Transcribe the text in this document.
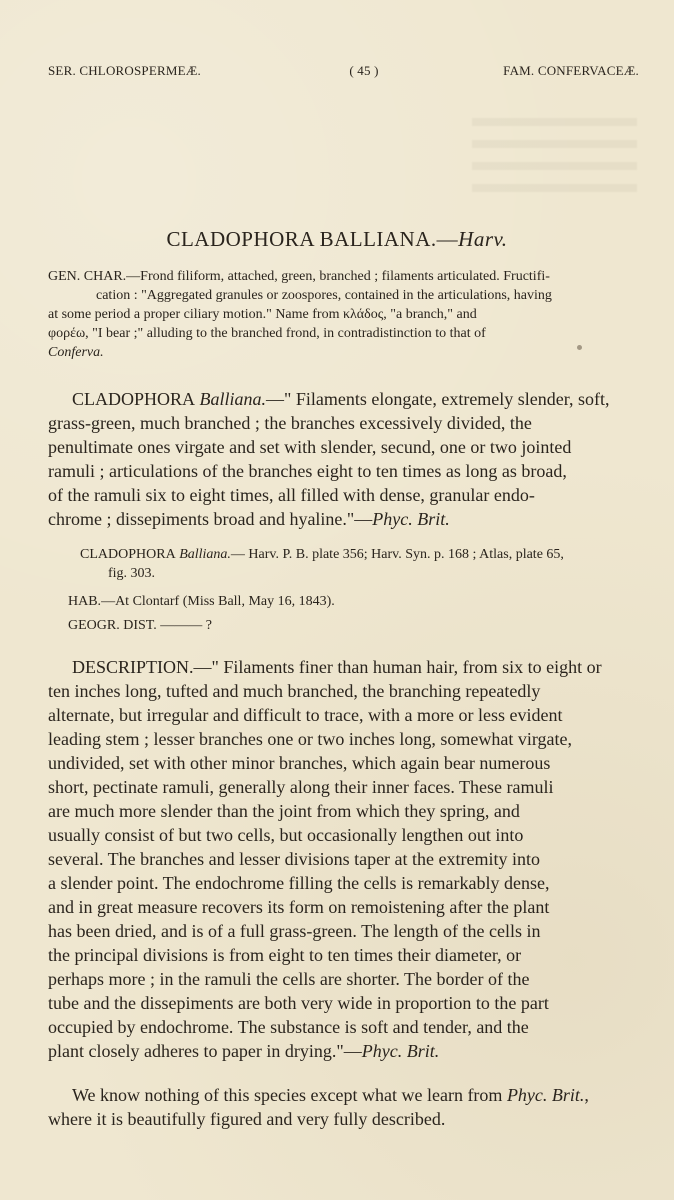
SER. CHLOROSPERMEÆ.	( 45 )	FAM. CONFERVACEÆ.
CLADOPHORA BALLIANA.—Harv.
GEN. CHAR.—Frond filiform, attached, green, branched ; filaments articulated. Fructifi-
cation : "Aggregated granules or zoospores, contained in the articulations, having
at some period a proper ciliary motion." Name from κλάδος, "a branch," and
φορέω, "I bear ;" alluding to the branched frond, in contradistinction to that of
Conferva.

CLADOPHORA Balliana.—" Filaments elongate, extremely slender, soft,

grass-green, much branched ; the branches excessively divided, the
penultimate ones virgate and set with slender, secund, one or two jointed
ramuli ; articulations of the branches eight to ten times as long as broad,
of the ramuli six to eight times, all filled with dense, granular endo-
chrome ; dissepiments broad and hyaline."—Phyc. Brit.
CLADOPHORA Balliana.— Harv. P. B. plate 356; Harv. Syn. p. 168 ; Atlas, plate 65,
fig. 303.
HAB.—At Clontarf (Miss Ball, May 16, 1843).
GEOGR. DIST. ——— ?

DESCRIPTION.—" Filaments finer than human hair, from six to eight or

ten inches long, tufted and much branched, the branching repeatedly
alternate, but irregular and difficult to trace, with a more or less evident
leading stem ; lesser branches one or two inches long, somewhat virgate,
undivided, set with other minor branches, which again bear numerous
short, pectinate ramuli, generally along their inner faces. These ramuli
are much more slender than the joint from which they spring, and
usually consist of but two cells, but occasionally lengthen out into
several. The branches and lesser divisions taper at the extremity into
a slender point. The endochrome filling the cells is remarkably dense,
and in great measure recovers its form on remoistening after the plant
has been dried, and is of a full grass-green. The length of the cells in
the principal divisions is from eight to ten times their diameter, or
perhaps more ; in the ramuli the cells are shorter. The border of the
tube and the dissepiments are both very wide in proportion to the part
occupied by endochrome. The substance is soft and tender, and the
plant closely adheres to paper in drying."—Phyc. Brit.

We know nothing of this species except what we learn from Phyc. Brit.,

where it is beautifully figured and very fully described.
